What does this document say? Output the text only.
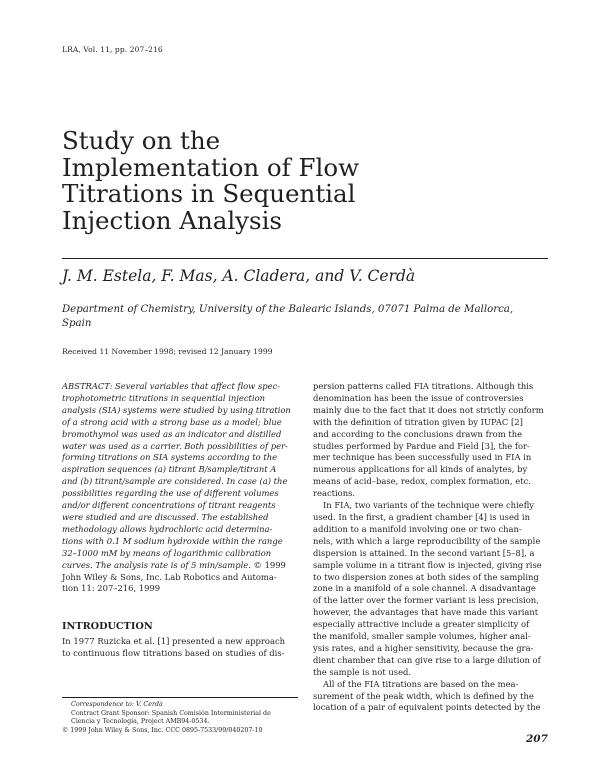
LRA, Vol. 11, pp. 207–216
Study on the
Implementation of Flow
Titrations in Sequential
Injection Analysis
J. M. Estela, F. Mas, A. Cladera, and V. Cerdà
Department of Chemistry, University of the Balearic Islands, 07071 Palma de Mallorca,
Spain
Received 11 November 1998; revised 12 January 1999
ABSTRACT: Several variables that affect flow spec-
trophotometric titrations in sequential injection
analysis (SIA) systems were studied by using titration
of a strong acid with a strong base as a model; blue
bromothymol was used as an indicator and distilled
water was used as a carrier. Both possibilities of per-
forming titrations on SIA systems according to the
aspiration sequences (a) titrant B/sample/titrant A
and (b) titrant/sample are considered. In case (a) the
possibilities regarding the use of different volumes
and/or different concentrations of titrant reagents
were studied and are discussed. The established
methodology allows hydrochloric acid determina-
tions with 0.1 M sodium hydroxide within the range
32–1000 mM by means of logarithmic calibration
curves. The analysis rate is of 5 min/sample. © 1999
John Wiley & Sons, Inc. Lab Robotics and Automa-
tion 11: 207–216, 1999
INTRODUCTION
In 1977 Ruzicka et al. [1] presented a new approach
to continuous flow titrations based on studies of dis-
Correspondence to: V. Cerdà
Contract Grant Sponsor: Spanish Comisión Interministerial de
Ciencia y Tecnología, Project AMB94-0534.
© 1999 John Wiley & Sons, Inc. CCC 0895-7533/99/040207-10
persion patterns called FIA titrations. Although this
denomination has been the issue of controversies
mainly due to the fact that it does not strictly conform
with the definition of titration given by IUPAC [2]
and according to the conclusions drawn from the
studies performed by Pardue and Field [3], the for-
mer technique has been successfully used in FIA in
numerous applications for all kinds of analytes, by
means of acid–base, redox, complex formation, etc.
reactions.
In FIA, two variants of the technique were chiefly
used. In the first, a gradient chamber [4] is used in
addition to a manifold involving one or two chan-
nels, with which a large reproducibility of the sample
dispersion is attained. In the second variant [5–8], a
sample volume in a titrant flow is injected, giving rise
to two dispersion zones at both sides of the sampling
zone in a manifold of a sole channel. A disadvantage
of the latter over the former variant is less precision,
however, the advantages that have made this variant
especially attractive include a greater simplicity of
the manifold, smaller sample volumes, higher anal-
ysis rates, and a higher sensitivity, because the gra-
dient chamber that can give rise to a large dilution of
the sample is not used.
All of the FIA titrations are based on the mea-
surement of the peak width, which is defined by the
location of a pair of equivalent points detected by the
207
